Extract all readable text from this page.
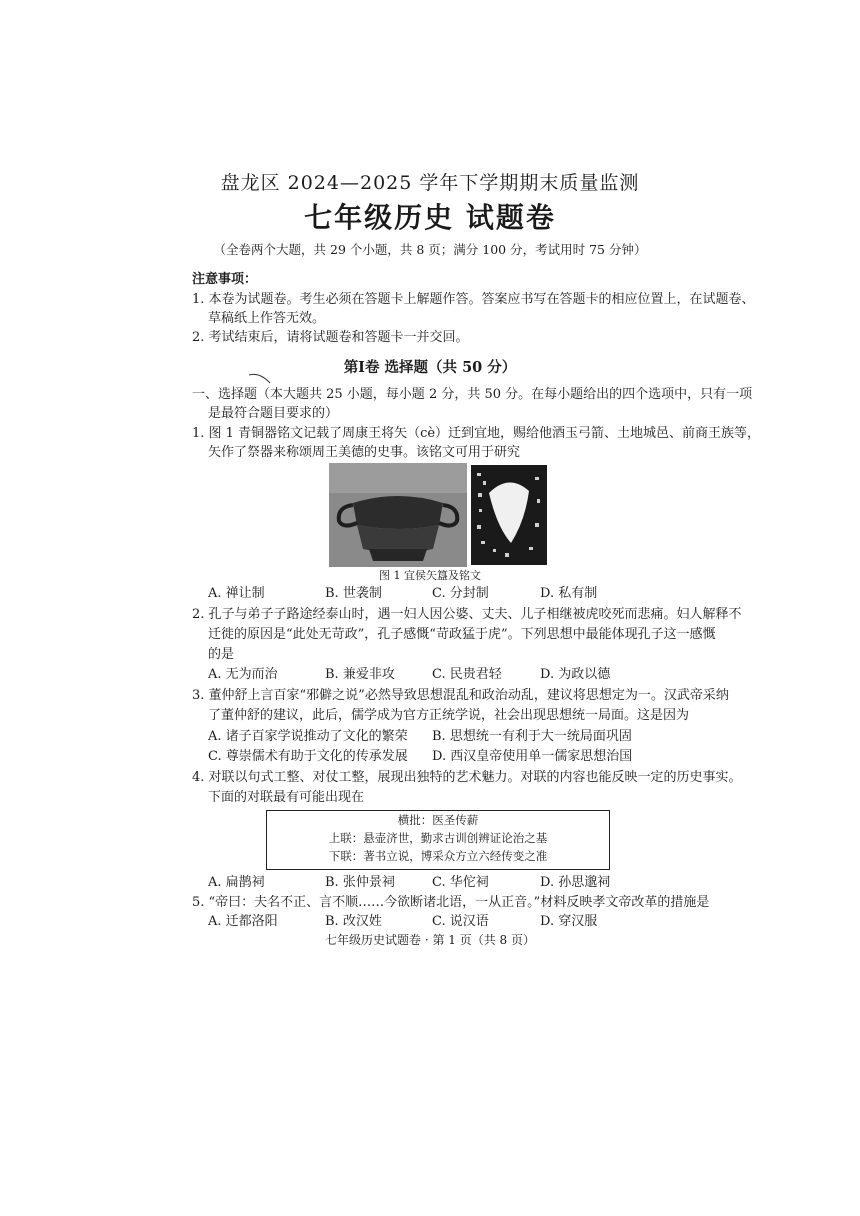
盘龙区 2024—2025 学年下学期期末质量监测
七年级历史 试题卷
（全卷两个大题，共 29 个小题，共 8 页；满分 100 分，考试用时 75 分钟）
注意事项：
1. 本卷为试题卷。考生必须在答题卡上解题作答。答案应书写在答题卡的相应位置上，在试题卷、
草稿纸上作答无效。
2. 考试结束后，请将试题卷和答题卡一并交回。
第Ⅰ卷 选择题（共 50 分）
一、选择题（本大题共 25 小题，每小题 2 分，共 50 分。在每小题给出的四个选项中，只有一项
是最符合题目要求的）
1. 图 1 青铜器铭文记载了周康王将矢（cè）迁到宜地，赐给他酒玉弓箭、土地城邑、前商王族等，
矢作了祭器来称颂周王美德的史事。该铭文可用于研究
图 1 宜侯矢簋及铭文
A. 禅让制	B. 世袭制	C. 分封制	D. 私有制
2. 孔子与弟子子路途经泰山时，遇一妇人因公婆、丈夫、儿子相继被虎咬死而悲痛。妇人解释不
迁徙的原因是“此处无苛政”，孔子感慨“苛政猛于虎”。下列思想中最能体现孔子这一感慨
的是
A. 无为而治	B. 兼爱非攻	C. 民贵君轻	D. 为政以德
3. 董仲舒上言百家“邪僻之说”必然导致思想混乱和政治动乱，建议将思想定为一。汉武帝采纳
了董仲舒的建议，此后，儒学成为官方正统学说，社会出现思想统一局面。这是因为
A. 诸子百家学说推动了文化的繁荣 B. 思想统一有利于大一统局面巩固
C. 尊崇儒术有助于文化的传承发展 D. 西汉皇帝使用单一儒家思想治国
4. 对联以句式工整、对仗工整，展现出独特的艺术魅力。对联的内容也能反映一定的历史事实。
下面的对联最有可能出现在
横批：医圣传薪
上联：悬壶济世，勤求古训创辨证论治之基
下联：著书立说，博采众方立六经传变之准
A. 扁鹊祠	B. 张仲景祠	C. 华佗祠	D. 孙思邈祠
5. “帝曰：夫名不正、言不顺……今欲断诸北语，一从正音。”材料反映孝文帝改革的措施是
A. 迁都洛阳	B. 改汉姓	C. 说汉语	D. 穿汉服
七年级历史试题卷 · 第 1 页（共 8 页）
